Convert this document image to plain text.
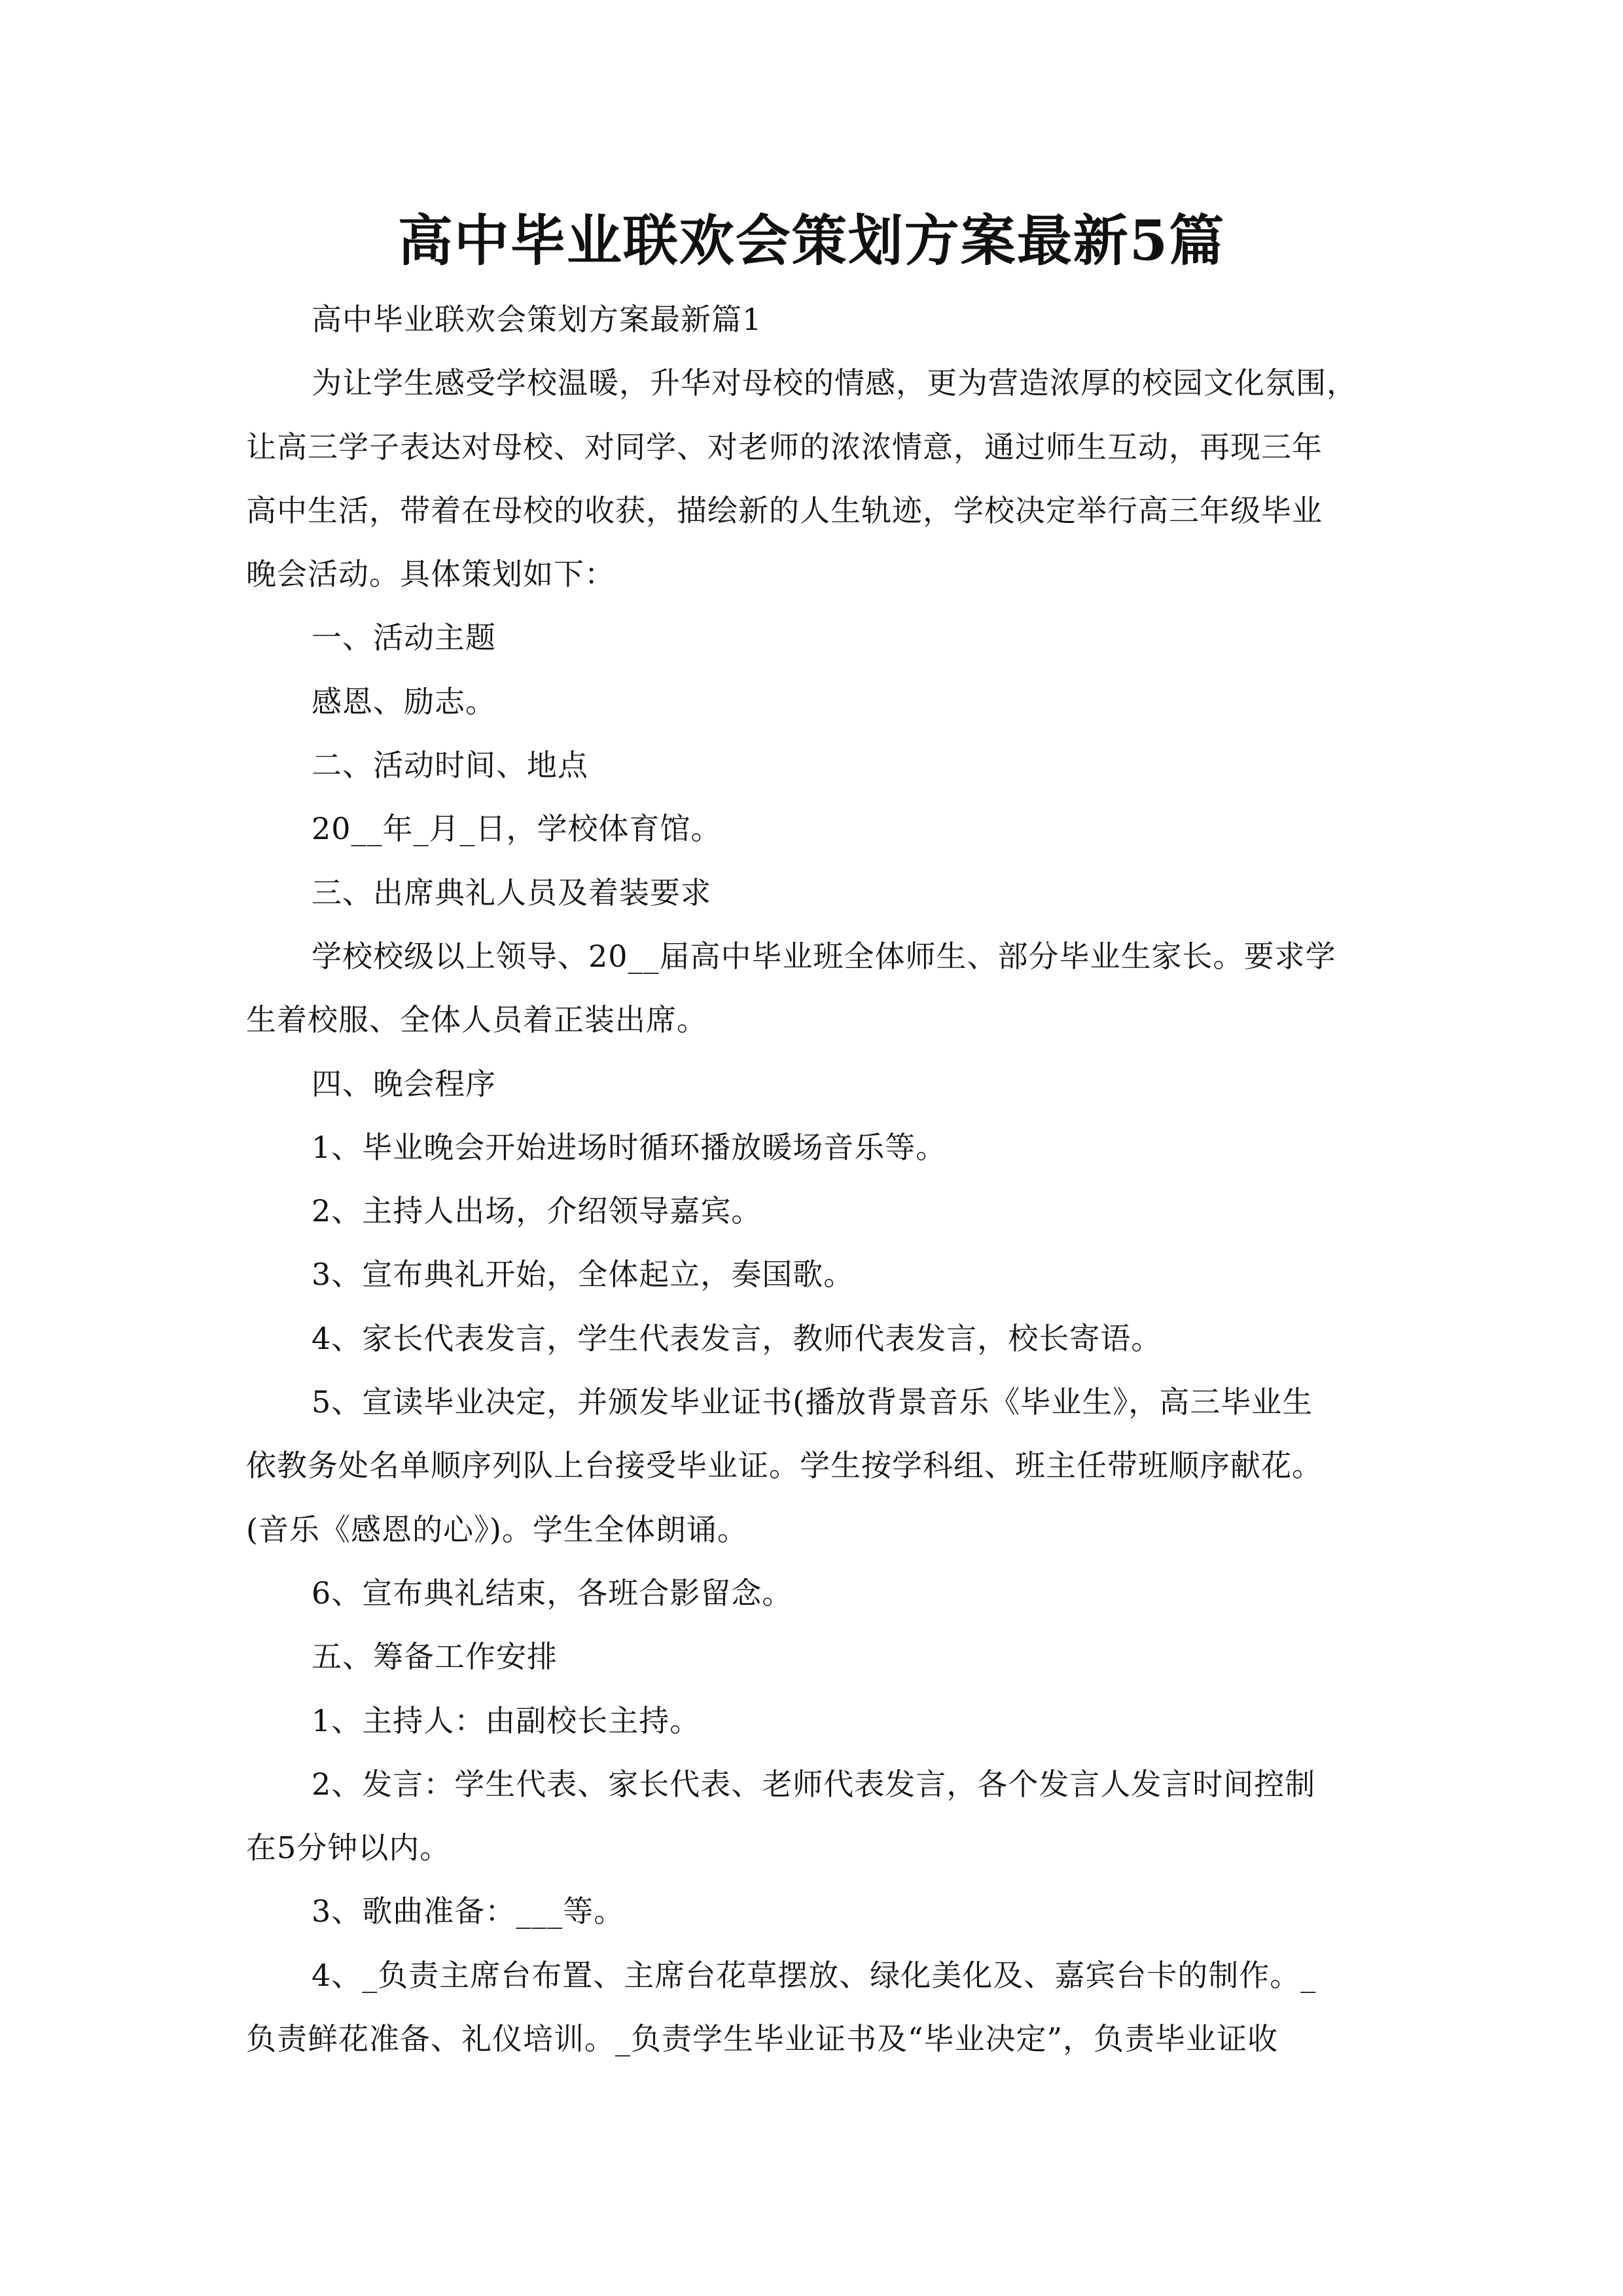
高中毕业联欢会策划方案最新5篇
高中毕业联欢会策划方案最新篇1
为让学生感受学校温暖，升华对母校的情感，更为营造浓厚的校园文化氛围，
让高三学子表达对母校、对同学、对老师的浓浓情意，通过师生互动，再现三年
高中生活，带着在母校的收获，描绘新的人生轨迹，学校决定举行高三年级毕业
晚会活动。具体策划如下：
一、活动主题
感恩、励志。
二、活动时间、地点
20__年_月_日，学校体育馆。
三、出席典礼人员及着装要求
学校校级以上领导、20__届高中毕业班全体师生、部分毕业生家长。要求学
生着校服、全体人员着正装出席。
四、晚会程序
1、毕业晚会开始进场时循环播放暖场音乐等。
2、主持人出场，介绍领导嘉宾。
3、宣布典礼开始，全体起立，奏国歌。
4、家长代表发言，学生代表发言，教师代表发言，校长寄语。
5、宣读毕业决定，并颁发毕业证书(播放背景音乐《毕业生》，高三毕业生
依教务处名单顺序列队上台接受毕业证。学生按学科组、班主任带班顺序献花。
(音乐《感恩的心》)。学生全体朗诵。
6、宣布典礼结束，各班合影留念。
五、筹备工作安排
1、主持人：由副校长主持。
2、发言：学生代表、家长代表、老师代表发言，各个发言人发言时间控制
在5分钟以内。
3、歌曲准备：___等。
4、_负责主席台布置、主席台花草摆放、绿化美化及、嘉宾台卡的制作。_
负责鲜花准备、礼仪培训。_负责学生毕业证书及“毕业决定”，负责毕业证收
